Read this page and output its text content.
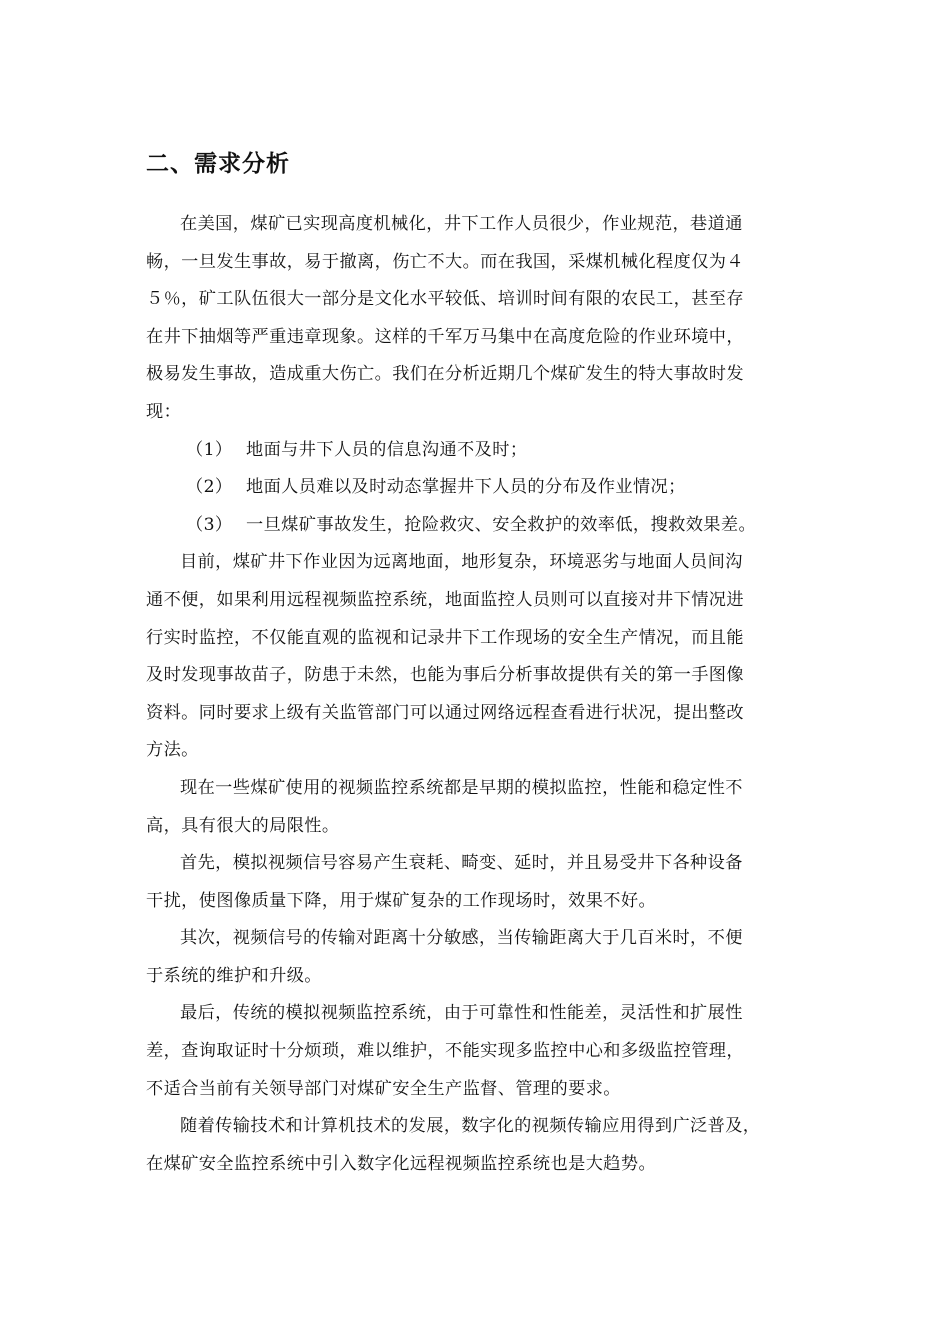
二、需求分析
在美国，煤矿已实现高度机械化，井下工作人员很少，作业规范，巷道通
畅，一旦发生事故，易于撤离，伤亡不大。而在我国，采煤机械化程度仅为４
５％，矿工队伍很大一部分是文化水平较低、培训时间有限的农民工，甚至存
在井下抽烟等严重违章现象。这样的千军万马集中在高度危险的作业环境中，
极易发生事故，造成重大伤亡。我们在分析近期几个煤矿发生的特大事故时发
现：
（1） 地面与井下人员的信息沟通不及时；
（2） 地面人员难以及时动态掌握井下人员的分布及作业情况；
（3） 一旦煤矿事故发生，抢险救灾、安全救护的效率低，搜救效果差。
目前，煤矿井下作业因为远离地面，地形复杂，环境恶劣与地面人员间沟
通不便，如果利用远程视频监控系统，地面监控人员则可以直接对井下情况进
行实时监控，不仅能直观的监视和记录井下工作现场的安全生产情况，而且能
及时发现事故苗子，防患于未然，也能为事后分析事故提供有关的第一手图像
资料。同时要求上级有关监管部门可以通过网络远程查看进行状况，提出整改
方法。
现在一些煤矿使用的视频监控系统都是早期的模拟监控，性能和稳定性不
高，具有很大的局限性。
首先，模拟视频信号容易产生衰耗、畸变、延时，并且易受井下各种设备
干扰，使图像质量下降，用于煤矿复杂的工作现场时，效果不好。
其次，视频信号的传输对距离十分敏感，当传输距离大于几百米时，不便
于系统的维护和升级。
最后，传统的模拟视频监控系统，由于可靠性和性能差，灵活性和扩展性
差，查询取证时十分烦琐，难以维护，不能实现多监控中心和多级监控管理，
不适合当前有关领导部门对煤矿安全生产监督、管理的要求。
随着传输技术和计算机技术的发展，数字化的视频传输应用得到广泛普及，
在煤矿安全监控系统中引入数字化远程视频监控系统也是大趋势。
